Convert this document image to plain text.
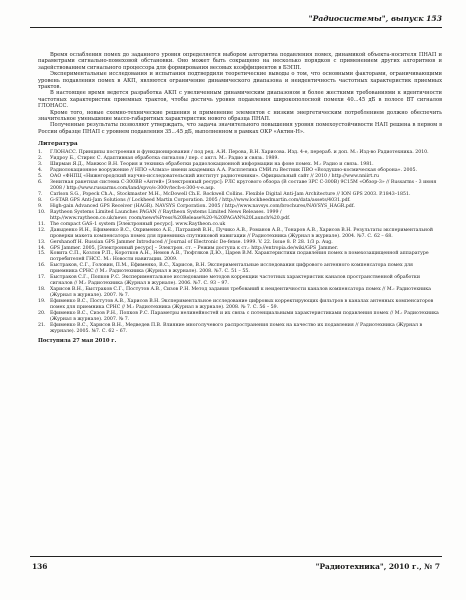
"Радиосистемы", выпуск 153

Время ослабления помех до заданного уровня определяется выбором алгоритма подавления помех, динамикой объекта-носителя ПНАП и параметрами сигнально-помеховой обстановки. Оно может быть сокращено на несколько порядков с применением других алгоритмов и задействованием сигнального процессора для формирования весовых коэффициентов в БЭПП.

Экспериментальные исследования и испытания подтвердили теоретические выводы о том, что основными факторами, ограничивающими уровень подавления помех в АКП, являются ограничение динамического диапазона и неидентичность частотных характеристик приемных трактов.

В настоящее время ведется разработка АКП с увеличенным динамическим диапазоном и более жесткими требованиями к идентичности частотных характеристик приемных трактов, чтобы достичь уровня подавления широкополосной помехи 40...45 дБ в полосе ВТ сигналов ГЛОНАСС.

Кроме того, новые схемно-технические решения и применение элементов с низким энергетическим потреблением должно обеспечить значительное уменьшение массо-габаритных характеристик нового образца ПНАП.

Полученные результаты позволяют утверждать, что задача значительного повышения уровня помехоустойчивости НАП решена в первом в России образце ПНАП с уровнем подавления 35...45 дБ, выполненном в рамках ОКР «Актин-Н».

Литература
1. ГЛОНАСС. Принципы построения и функционирования / под ред. А.И. Перова, В.Н. Харисова. Изд. 4-е, перераб. и доп. М.: Изд-во Радиотехника. 2010.
2. Уидроу Б., Стирнс С. Адаптивная обработка сигналов / пер. с англ. М.: Радио и связь. 1989.
3. Ширман Я.Д., Манжос В.Н. Теория и техника обработки радиолокационной информации на фоне помех. М.: Радио и связь. 1981.
4. Радиолокационное вооружение // НПО «Алмаз» имени академика А.А. Расплетина СМИ.ru Вестник ПВО «Воздушно-космическая оборона». 2005.
5. ОАО «ФНПЦ «Нижегородский научно-исследовательский институт радиотехники». Официальный сайт // 2010 / http://www.nniirt.ru
6. Зенитная ракетная система С-300ВВ «Антей» [Электронный ресурс]: РЛС кругового обзора (В составе ЗРС С-300В) 9С15М «Обзор-3» // Russarms - 3 июня 2008 / http://www.russarms.com/land/spvo/s-300v/tech-s-300-v-e.asp.
7. Carlson S.G., Popeck Ch.A., Stockmaster M.H., McDowell Ch.E. Rockwell Collins. Flexible Digital Anti-Jam Architecture // ION GPS 2003. P.1843–1851.
8. G-STAR GPS Anti-Jam Solutions // Lockheed Martin Corporation. 2005 / http://www.lockheedmartin.com/data/assets/4031.pdf.
9. High-gain Advanced GPS Receiver (HAGR). NAVSYS Corporation. 2005 / http://www.navsys.com/brochures/NAVSYS_HAGR.pdf.
10. Raytheon Systems Limited Launches PAGAN // Raytheon Systems Limited News Releases. 1999 / http://www.raytheon.co.uk/news_room/news%Press%20Release%20-%20PAGAN%20Launch%20.pdf.
11. The compact GAS-1 system [Электронный ресурс]. www.Raytheon.co.uk
12. Давыденко И.Н., Ефименко В.С., Охрименко А.Е., Патрашей В.Н., Пучико А.В., Романов А.В., Тонаров А.В., Харисов В.Н. Результаты экспериментальной проверки макета компенсатора помех для приемника спутниковой навигации // Радиотехника (Журнал в журнале). 2004. №7. С. 62 – 68.
13. Gershanoff H. Russian GPS Jammer Introduced // Journal of Electronic De-fense. 1999. V. 22. Issue 8. P. 28. 1/3 p. Aug.
14. GPS Jammer. 2005, [Электронный ресурс] – Электрон. ст. – Режим доступа к ст.: http://entropia.de/wiki/GPS_Jammer.
15. Ковита С.П., Козлов Р.П., Коротков А.Н., Немов А.В., Тюфтяков Д.Ю., Царев В.М. Характеристики подавления помех в помехозащищенной аппаратуре потребителей ГНСС. М.: Новости навигации. 2009.
16. Быстраков, С.Г., Головин, П.М., Ефименко, В.С., Харисов, В.Н. Экспериментальные исследования цифрового антенного компенсатора помех для приемника СРНС // М.: Радиотехника (Журнал в журнале). 2008. №7. С. 51 – 55.
17. Быстраков С.Г., Попков Р.С. Экспериментальное исследование методов коррекции частотных характеристик каналов пространственной обработки сигналов // М.: Радиотехника (Журнал в журнале). 2006. №7. С. 93 – 97.
18. Харисов В.Н., Быстраков С.Г., Постутов А.В., Сизов Р.Н. Метод задания требований к неидентичности каналов компенсатора помех // М.: Радиотехника (Журнал в журнале). 2007. № 7.
19. Ефименко В.С., Постутов А.В., Харисов В.Н. Экспериментальное исследование цифровых корректирующих фильтров в каналах антенных компенсаторов помех для приемника СРНС // М.: Радиотехника (Журнал в журнале). 2008. № 7. С. 56 – 59.
20. Ефименко В.С., Сизов Р.Н., Попков Р.С. Параметры нелинейностей и их связь с потенциальными характеристиками подавления помех // М.: Радиотехника (Журнал в журнале). 2007. № 7.
21. Ефименко В.С., Харисов В.Н., Медведев П.В. Влияние многолучевого распространения помех на качество их подавления // Радиотехника (Журнал в журнале). 2005. №7. С. 62 – 67.
Поступила 27 мая 2010 г.
136	"Радиотехника", 2010 г., № 7
